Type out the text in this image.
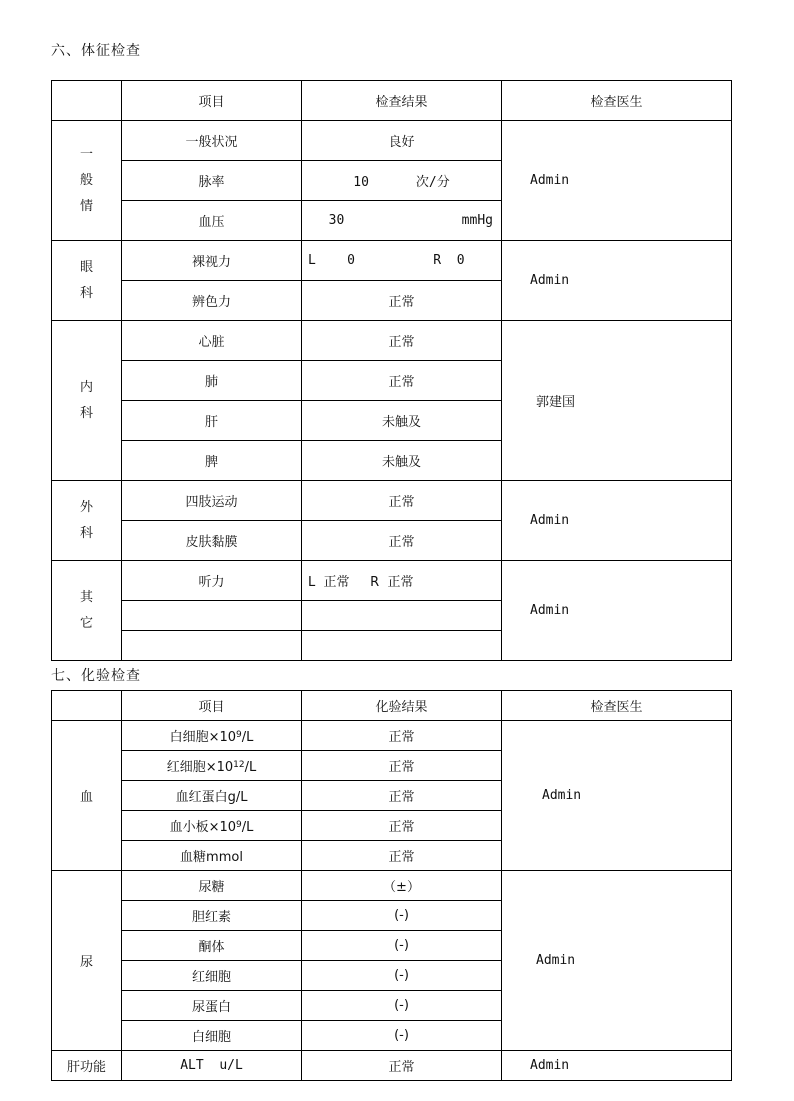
六、体征检查
	项目	检查结果	检查医生
一
般
情	一般状况	良好	Admin
	脉率	10      次/分	
	血压	30               mmHg	
眼
科	裸视力	L    0          R  0	Admin
	辨色力	正常	
内
科	心脏	正常	郭建国
	肺	正常	
	肝	未触及	
	脾	未触及	
外
科	四肢运动	正常	Admin
	皮肤黏膜	正常	
其
它	听力	L  正常     R  正常	Admin

七、化验检查
	项目	化验结果	检查医生
血	白细胞$\times 10^9/L$	正常	Admin
	红细胞$\times 10^{12}/L$	正常	
	血红蛋白g/L	正常	
	血小板$\times 10^9/L$	正常	
	血糖mmol	正常	
尿	尿糖	（±）	Admin
	胆红素	(-)	
	酮体	(-)	
	红细胞	(-)	
	尿蛋白	(-)	
	白细胞	(-)	
肝功能	ALT  u/L	正常	Admin
